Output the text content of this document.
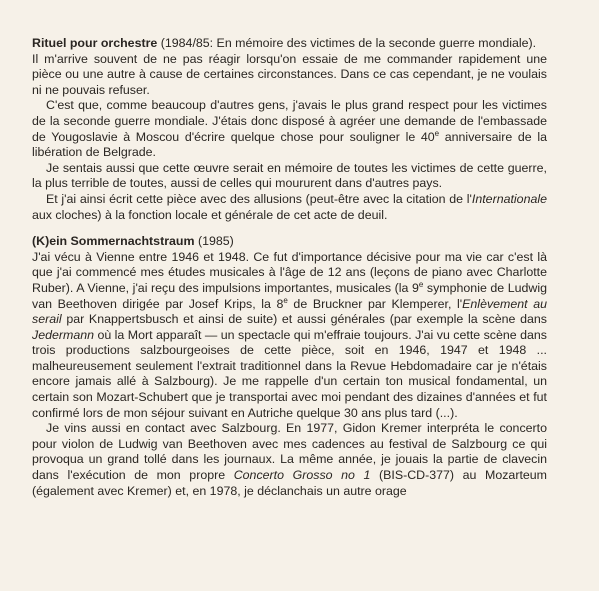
Rituel pour orchestre (1984/85: En mémoire des victimes de la seconde guerre mondiale).
Il m'arrive souvent de ne pas réagir lorsqu'on essaie de me commander rapidement une pièce ou une autre à cause de certaines circonstances. Dans ce cas cependant, je ne voulais ni ne pouvais refuser.
C'est que, comme beaucoup d'autres gens, j'avais le plus grand respect pour les victimes de la seconde guerre mondiale. J'étais donc disposé à agréer une demande de l'embassade de Yougoslavie à Moscou d'écrire quelque chose pour souligner le 40e anniversaire de la libération de Belgrade.
Je sentais aussi que cette œuvre serait en mémoire de toutes les victimes de cette guerre, la plus terrible de toutes, aussi de celles qui moururent dans d'autres pays.
Et j'ai ainsi écrit cette pièce avec des allusions (peut-être avec la citation de l'Internationale aux cloches) à la fonction locale et générale de cet acte de deuil.
(K)ein Sommernachtstraum (1985)
J'ai vécu à Vienne entre 1946 et 1948. Ce fut d'importance décisive pour ma vie car c'est là que j'ai commencé mes études musicales à l'âge de 12 ans (leçons de piano avec Charlotte Ruber). A Vienne, j'ai reçu des impulsions importantes, musicales (la 9e symphonie de Ludwig van Beethoven dirigée par Josef Krips, la 8e de Bruckner par Klemperer, l'Enlèvement au serail par Knappertsbusch et ainsi de suite) et aussi générales (par exemple la scène dans Jedermann où la Mort apparaît — un spectacle qui m'effraie toujours. J'ai vu cette scène dans trois productions salzbourgeoises de cette pièce, soit en 1946, 1947 et 1948 ... malheureusement seulement l'extrait traditionnel dans la Revue Hebdomadaire car je n'étais encore jamais allé à Salzbourg). Je me rappelle d'un certain ton musical fondamental, un certain son Mozart-Schubert que je transportai avec moi pendant des dizaines d'années et fut confirmé lors de mon séjour suivant en Autriche quelque 30 ans plus tard (...).
Je vins aussi en contact avec Salzbourg. En 1977, Gidon Kremer interpréta le concerto pour violon de Ludwig van Beethoven avec mes cadences au festival de Salzbourg ce qui provoqua un grand tollé dans les journaux. La même année, je jouais la partie de clavecin dans l'exécution de mon propre Concerto Grosso no 1 (BIS-CD-377) au Mozarteum (également avec Kremer) et, en 1978, je déclanchais un autre orage
